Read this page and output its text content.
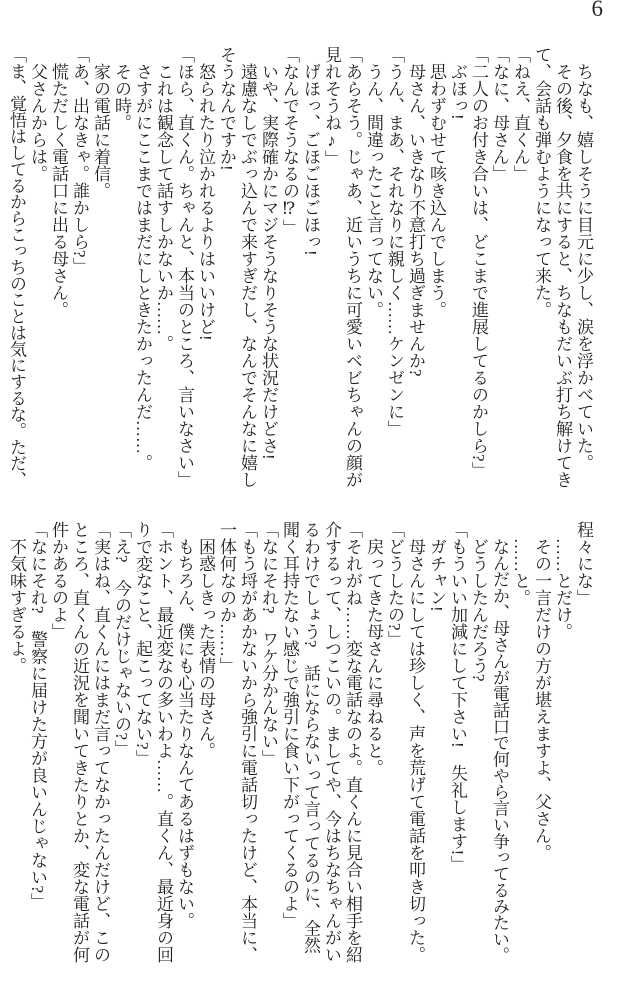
6

ちなも、嬉しそうに目元に少し、涙を浮かべていた。

その後、夕食を共にすると、ちなもだいぶ打ち解けてきて、会話も弾むようになって来た。

「ねえ、直くん」

「なに、母さん」

「二人のお付き合いは、どこまで進展してるのかしら?」

ぶほっ!

思わずむせて咳き込んでしまう。

母さん、いきなり不意打ち過ぎませんか?

「うん、まあ、それなりに親しく……ケンゼンに」

うん、間違ったこと言ってない。

「あらそう。じゃあ、近いうちに可愛いベビちゃんの顔が見れそうね♪」

げほっ、ごほごほごほっ!

「なんでそうなるの⁉」

いや、実際確かにマジそうなりそうな状況だけどさ!

遠慮なしでぶっ込んで来すぎだし、なんでそんなに嬉しそうなんですか!

怒られたり泣かれるよりはいいけど!

「ほら、直くん。ちゃんと、本当のところ、言いなさい」

これは観念して話すしかないか……。

さすがにここまではまだにしときたかったんだ……。

その時。

家の電話に着信。

「あ、出なきゃ。誰かしら?」

慌ただしく電話口に出る母さん。

父さんからは。

「ま、覚悟はしてるからこっちのことは気にするな。ただ、

程々にな」

……とだけ。

その一言だけの方が堪えますよ、父さん。

……と。

なんだか、母さんが電話口で何やら言い争ってるみたい。

どうしたんだろう?

「もういい加減にして下さい!　失礼します!」

ガチャン!

母さんにしては珍しく、声を荒げて電話を叩き切った。

「どうしたの?」

戻ってきた母さんに尋ねると。

「それがね……変な電話なのよ。直くんに見合い相手を紹介するって、しつこいの。ましてや、今はちなちゃんがいるわけでしょう?　話にならないって言ってるのに、全然聞く耳持たない感じで強引に食い下がってくるのよ」

「なにそれ?　ワケ分かんない」

「もう埒があかないから強引に電話切ったけど、本当に、一体何なのか……」

困惑しきった表情の母さん。

もちろん、僕にも心当たりなんてあるはずもない。

「ホント、最近変なの多いわよ……。直くん、最近身の回りで変なこと、起こってない?」

「え?　今のだけじゃないの?」

「実はね、直くんにはまだ言ってなかったんだけど、このところ、直くんの近況を聞いてきたりとか、変な電話が何件かあるのよ」

「なにそれ?　警察に届けた方が良いんじゃない?」

不気味すぎるよ。
